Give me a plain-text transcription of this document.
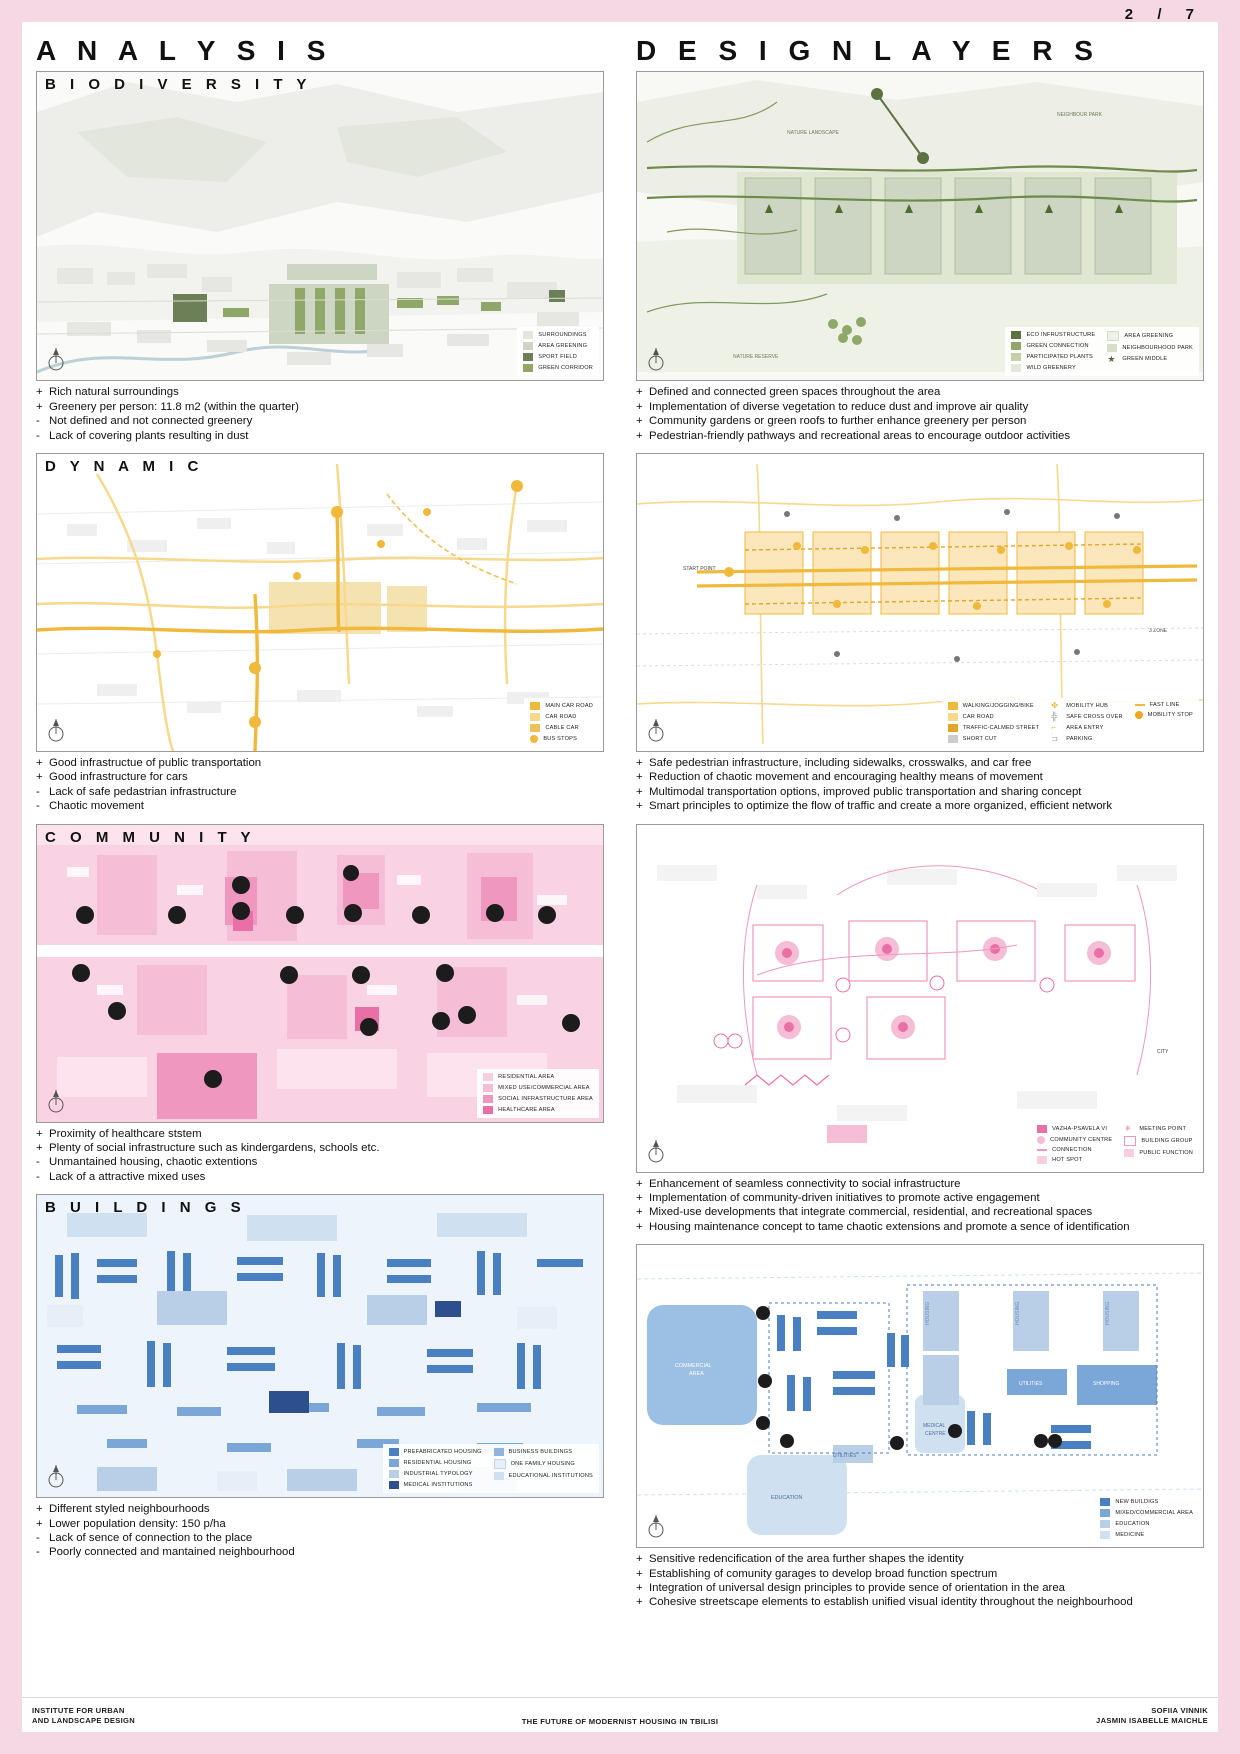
2 / 7
A N A L Y S I S
B I O D I V E R S I T Y
SURROUNDINGS
AREA GREENING
SPORT FIELD
GREEN CORRIDOR
+ Rich natural surroundings
+ Greenery per person: 11.8 m2 (within the quarter)
- Not defined and not connected greenery
- Lack of covering plants resulting in dust
D Y N A M I C
MAIN CAR ROAD
CAR ROAD
CABLE CAR
BUS STOPS
+ Good infrastructue of public transportation
+ Good infrastructure for cars
- Lack of safe pedastrian infrastructure
- Chaotic movement
C O M M U N I T Y
RESIDENTIAL AREA
MIXED USE/COMMERCIAL AREA
SOCIAL INFRASTRUCTURE AREA
HEALTHCARE AREA
+ Proximity of healthcare ststem
+ Plenty of social infrastructure such as kindergardens, schools etc.
- Unmantained housing, chaotic extentions
- Lack of a attractive mixed uses
B U I L D I N G S
PREFABRICATED HOUSING
RESIDENTIAL HOUSING
INDUSTRIAL TYPOLOGY
MEDICAL INSTITUTIONS
BUSINESS BUILDINGS
ONE FAMILY HOUSING
EDUCATIONAL INSTITUTIONS
+ Different styled neighbourhoods
+ Lower population density: 150 p/ha
- Lack of sence of connection to the place
- Poorly connected and mantained neighbourhood
D E S I G N L A Y E R S
NATURE LANDSCAPE
NATURE RESERVE
NEIGHBOUR PARK
ECO INFRUSTRUCTURE
GREEN CONNECTION
PARTICIPATED PLANTS
WILD GREENERY
AREA GREENING
NEIGHBOURHOOD PARK
★	GREEN MIDDLE
+ Defined and connected green spaces throughout the area
+ Implementation of diverse vegetation to reduce dust and improve air quality
+ Community gardens or green roofs to further enhance greenery per person
+ Pedestrian-friendly pathways and recreational areas to encourage outdoor activities
START POINT
3 ZONE
WALKING/JOGGING/BIKE
CAR ROAD
TRAFFIC-CALMED STREET
SHORT CUT
✤	MOBILITY HUB
╬	SAFE CROSS OVER
⌐	AREA ENTRY
⊐	PARKING
FAST LINE
MOBILITY STOP
+ Safe pedestrian infrastructure, including sidewalks, crosswalks, and car free
+ Reduction of chaotic movement and encouraging healthy means of movement
+ Multimodal transportation options, improved public transportation and sharing concept
+ Smart principles to optimize the flow of traffic and create a more organized, efficient network
CITY
VAZHA-PSAVELA VI
COMMUNITY CENTRE
CONNECTION
HOT SPOT
✳	MEETING POINT
BUILDING GROUP
PUBLIC FUNCTION
+ Enhancement of seamless connectivity to social infrastructure
+ Implementation of community-driven initiatives to promote active engagement
+ Mixed-use developments that integrate commercial, residential, and recreational spaces
+ Housing maintenance concept to tame chaotic extensions and promote a sence of identification
COMMERCIAL
AREA
EDUCATION
MEDICAL
CENTRE
UTILITIES	SHOPPING
UTILITIES
HOUSING	HOUSING	HOUSING
NEW BUILDIGS
MIXED/COMMERCIAL AREA
EDUCATION
MEDICINE
+ Sensitive redencification of the area further shapes the identity
+ Establishing of comunity garages to develop broad function spectrum
+ Integration of universal design principles to provide sence of orientation in the area
+ Cohesive streetscape elements to establish unified visual identity throughout the neighbourhood
INSTITUTE FOR URBAN
AND LANDSCAPE DESIGN	THE FUTURE OF MODERNIST HOUSING IN TBILISI
SOFIIA VINNIK
JASMIN ISABELLE MAICHLE
